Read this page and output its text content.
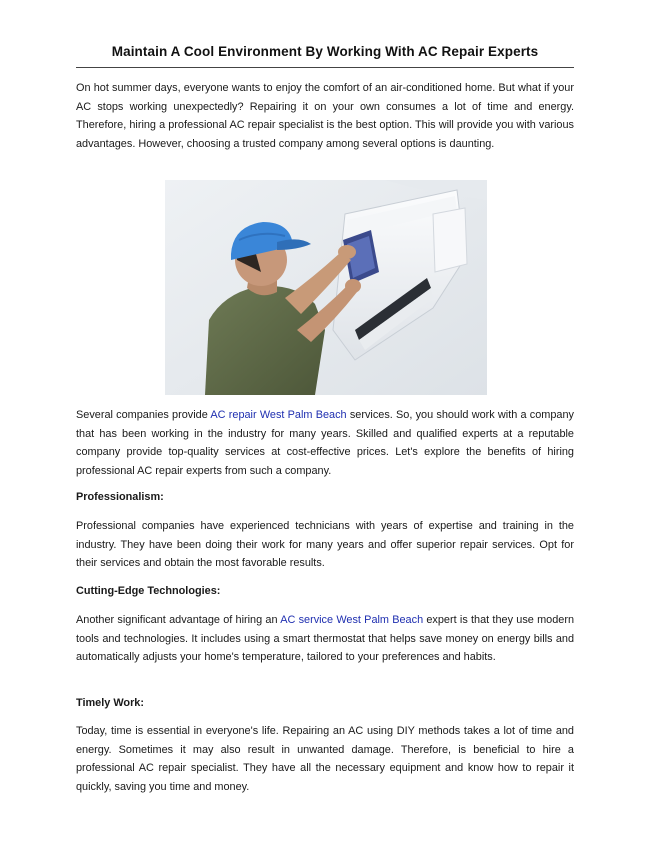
Maintain A Cool Environment By Working With AC Repair Experts

On hot summer days, everyone wants to enjoy the comfort of an air-conditioned home. But what if your AC stops working unexpectedly? Repairing it on your own consumes a lot of time and energy. Therefore, hiring a professional AC repair specialist is the best option. This will provide you with various advantages. However, choosing a trusted company among several options is daunting.

Several companies provide AC repair West Palm Beach services. So, you should work with a company that has been working in the industry for many years. Skilled and qualified experts at a reputable company provide top-quality services at cost-effective prices. Let's explore the benefits of hiring professional AC repair experts from such a company.

Professionalism:

Professional companies have experienced technicians with years of expertise and training in the industry. They have been doing their work for many years and offer superior repair services. Opt for their services and obtain the most favorable results.

Cutting-Edge Technologies:

Another significant advantage of hiring an AC service West Palm Beach expert is that they use modern tools and technologies. It includes using a smart thermostat that helps save money on energy bills and automatically adjusts your home's temperature, tailored to your preferences and habits.

Timely Work:

Today, time is essential in everyone's life. Repairing an AC using DIY methods takes a lot of time and energy. Sometimes it may also result in unwanted damage. Therefore, is beneficial to hire a professional AC repair specialist. They have all the necessary equipment and know how to repair it quickly, saving you time and money.
